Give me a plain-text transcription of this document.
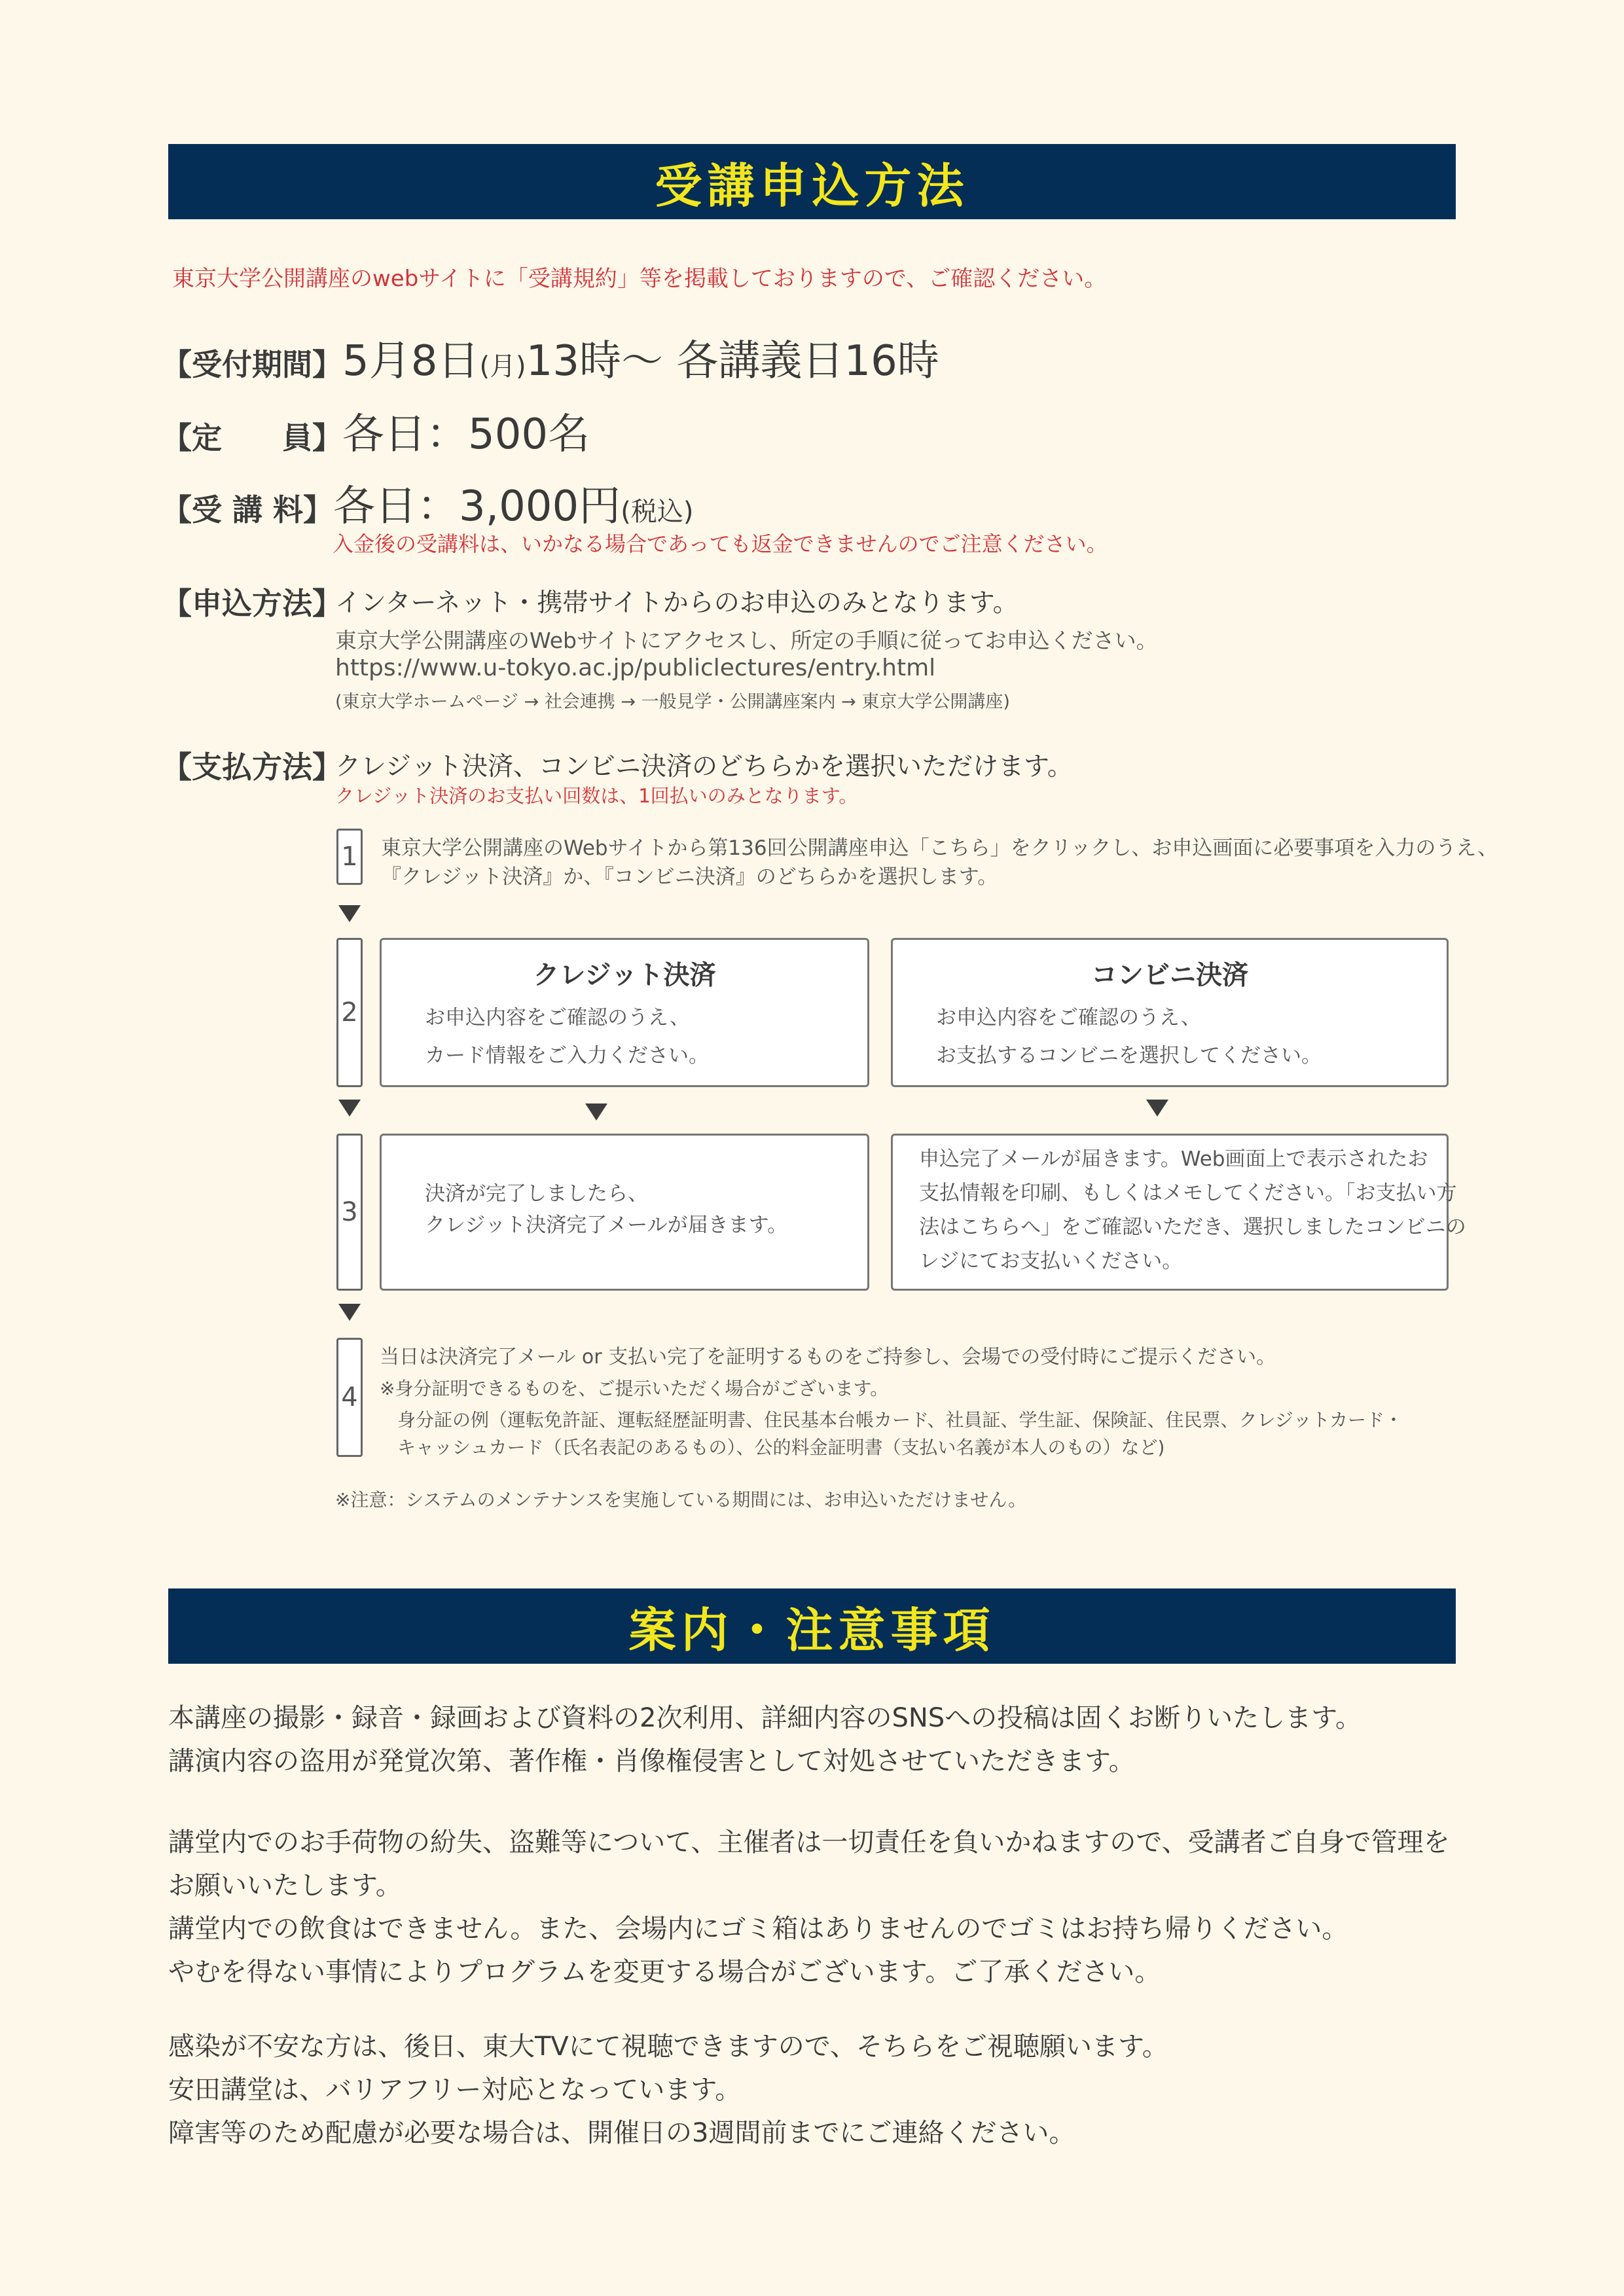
受講申込方法
東京大学公開講座のwebサイトに「受講規約」等を掲載しておりますので、ご確認ください。
【受付期間】5月8日(月)13時〜 各講義日16時
【定　　員】各日：500名
【受 講 料】各日：3,000円(税込)
入金後の受講料は、いかなる場合であっても返金できませんのでご注意ください。
【申込方法】
インターネット・携帯サイトからのお申込のみとなります。
東京大学公開講座のWebサイトにアクセスし、所定の手順に従ってお申込ください。
https://www.u-tokyo.ac.jp/publiclectures/entry.html
(東京大学ホームページ → 社会連携 → 一般見学・公開講座案内 → 東京大学公開講座)
【支払方法】
クレジット決済、コンビニ決済のどちらかを選択いただけます。
クレジット決済のお支払い回数は、1回払いのみとなります。
1 東京大学公開講座のWebサイトから第136回公開講座申込「こちら」をクリックし、お申込画面に必要事項を入力のうえ、
『クレジット決済』か、『コンビニ決済』のどちらかを選択します。
2
クレジット決済
お申込内容をご確認のうえ、
カード情報をご入力ください。
コンビニ決済
お申込内容をご確認のうえ、
お支払するコンビニを選択してください。
3
決済が完了しましたら、
クレジット決済完了メールが届きます。
申込完了メールが届きます。Web画面上で表示されたお
支払情報を印刷、もしくはメモしてください。「お支払い方
法はこちらへ」をご確認いただき、選択しましたコンビニの
レジにてお支払いください。
4
当日は決済完了メール or 支払い完了を証明するものをご持参し、会場での受付時にご提示ください。
※身分証明できるものを、ご提示いただく場合がございます。
身分証の例（運転免許証、運転経歴証明書、住民基本台帳カード、社員証、学生証、保険証、住民票、クレジットカード・
キャッシュカード（氏名表記のあるもの）、公的料金証明書（支払い名義が本人のもの）など)
※注意：システムのメンテナンスを実施している期間には、お申込いただけません。
案内・注意事項
本講座の撮影・録音・録画および資料の2次利用、詳細内容のSNSへの投稿は固くお断りいたします。
講演内容の盗用が発覚次第、著作権・肖像権侵害として対処させていただきます。
講堂内でのお手荷物の紛失、盗難等について、主催者は一切責任を負いかねますので、受講者ご自身で管理を
お願いいたします。
講堂内での飲食はできません。また、会場内にゴミ箱はありませんのでゴミはお持ち帰りください。
やむを得ない事情によりプログラムを変更する場合がございます。ご了承ください。
感染が不安な方は、後日、東大TVにて視聴できますので、そちらをご視聴願います。
安田講堂は、バリアフリー対応となっています。
障害等のため配慮が必要な場合は、開催日の3週間前までにご連絡ください。
